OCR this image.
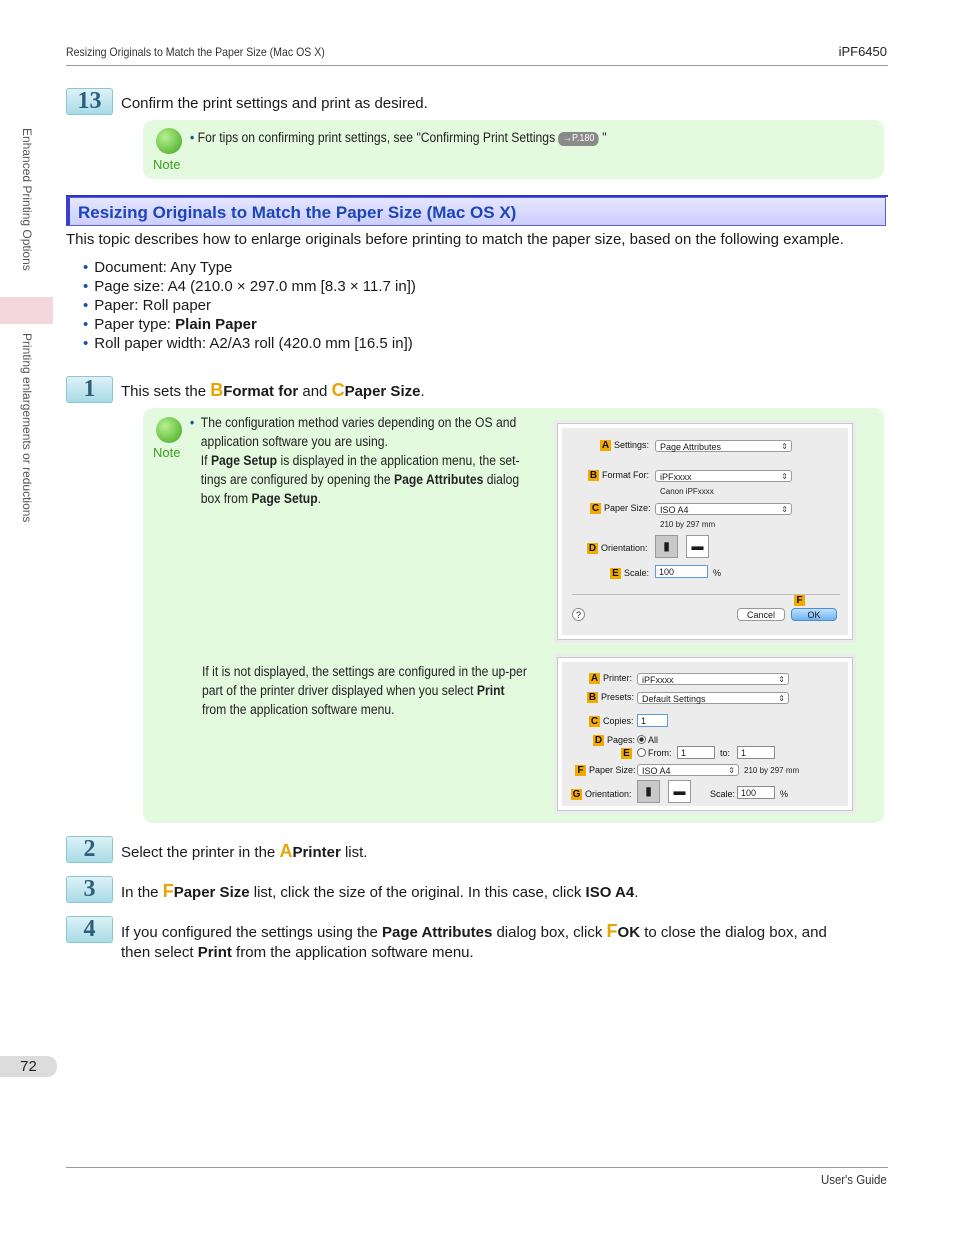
Resizing Originals to Match the Paper Size (Mac OS X)	iPF6450
Enhanced Printing Options
Printing enlargements or reductions
13	Confirm the print settings and print as desired.
Note
• For tips on confirming print settings, see "Confirming Print Settings →P.180 "
Resizing Originals to Match the Paper Size (Mac OS X)
This topic describes how to enlarge originals before printing to match the paper size, based on the following example.
• Document: Any Type
• Page size: A4 (210.0 × 297.0 mm [8.3 × 11.7 in])
• Paper: Roll paper
• Paper type: Plain Paper
• Roll paper width: A2/A3 roll (420.0 mm [16.5 in])
1	This sets the BFormat for and CPaper Size.
Note
• The configuration method varies depending on the OS and application software you are using.
If Page Setup is displayed in the application menu, the set-tings are configured by opening the Page Attributes dialog box from Page Setup.
If it is not displayed, the settings are configured in the up-per part of the printer driver displayed when you select Print from the application software menu.
A Settings:	Page Attributes	⇕
B Format For:	iPFxxxx	⇕
Canon iPFxxxx
C Paper Size:	ISO A4	⇕
210 by 297 mm
D Orientation:	▮	▬
E Scale:	100	%
?
F
Cancel	OK
A Printer:	iPFxxxx	⇕
B Presets: Default Settings	⇕
C Copies: 1
D Pages:	All
E	From:	1	to:	1
F Paper Size: ISO A4	⇕ 210 by 297 mm
G Orientation:	▮	▬	Scale: 100	%
2	Select the printer in the APrinter list.
3	In the FPaper Size list, click the size of the original. In this case, click ISO A4.
4	If you configured the settings using the Page Attributes dialog box, click FOK to close the dialog box, and
then select Print from the application software menu.
72
User's Guide
